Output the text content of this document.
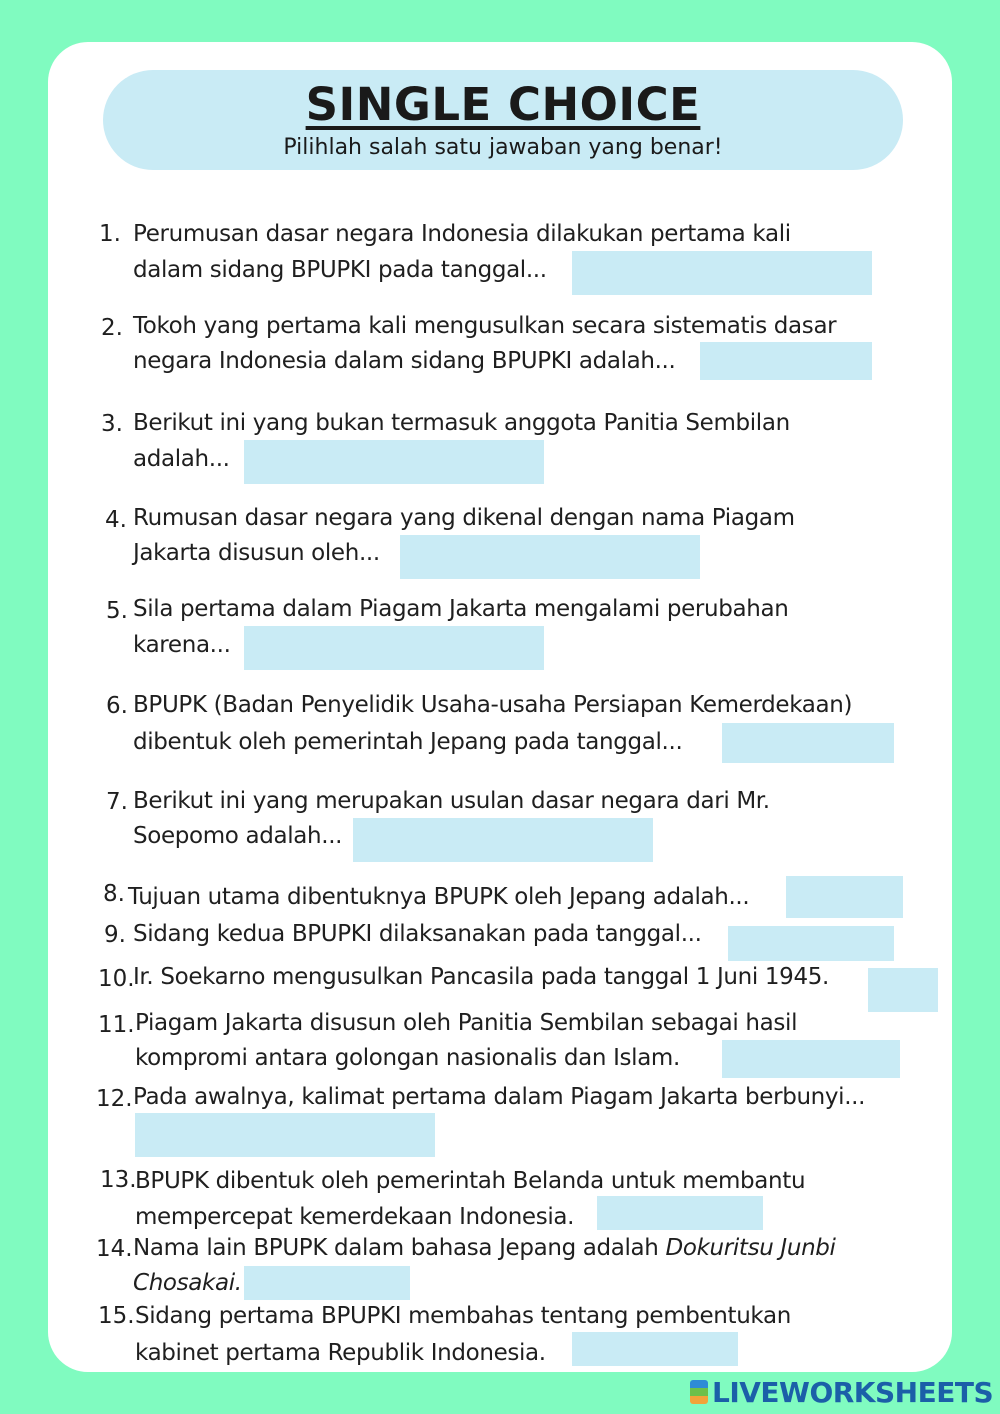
SINGLE CHOICE
Pilihlah salah satu jawaban yang benar!
1. Perumusan dasar negara Indonesia dilakukan pertama kali
dalam sidang BPUPKI pada tanggal...
2. Tokoh yang pertama kali mengusulkan secara sistematis dasar
negara Indonesia dalam sidang BPUPKI adalah...
3. Berikut ini yang bukan termasuk anggota Panitia Sembilan
adalah...
4. Rumusan dasar negara yang dikenal dengan nama Piagam
Jakarta disusun oleh...
5. Sila pertama dalam Piagam Jakarta mengalami perubahan
karena...
6. BPUPK (Badan Penyelidik Usaha-usaha Persiapan Kemerdekaan)
dibentuk oleh pemerintah Jepang pada tanggal...
7. Berikut ini yang merupakan usulan dasar negara dari Mr.
Soepomo adalah...
8. Tujuan utama dibentuknya BPUPK oleh Jepang adalah...
9. Sidang kedua BPUPKI dilaksanakan pada tanggal...
10.
Ir. Soekarno mengusulkan Pancasila pada tanggal 1 Juni 1945.
11. Piagam Jakarta disusun oleh Panitia Sembilan sebagai hasil
kompromi antara golongan nasionalis dan Islam.
12. Pada awalnya, kalimat pertama dalam Piagam Jakarta berbunyi...
13.
BPUPK dibentuk oleh pemerintah Belanda untuk membantu
mempercepat kemerdekaan Indonesia.
14. Nama lain BPUPK dalam bahasa Jepang adalah Dokuritsu Junbi
Chosakai.
15. Sidang pertama BPUPKI membahas tentang pembentukan
kabinet pertama Republik Indonesia.
LIVEWORKSHEETS
